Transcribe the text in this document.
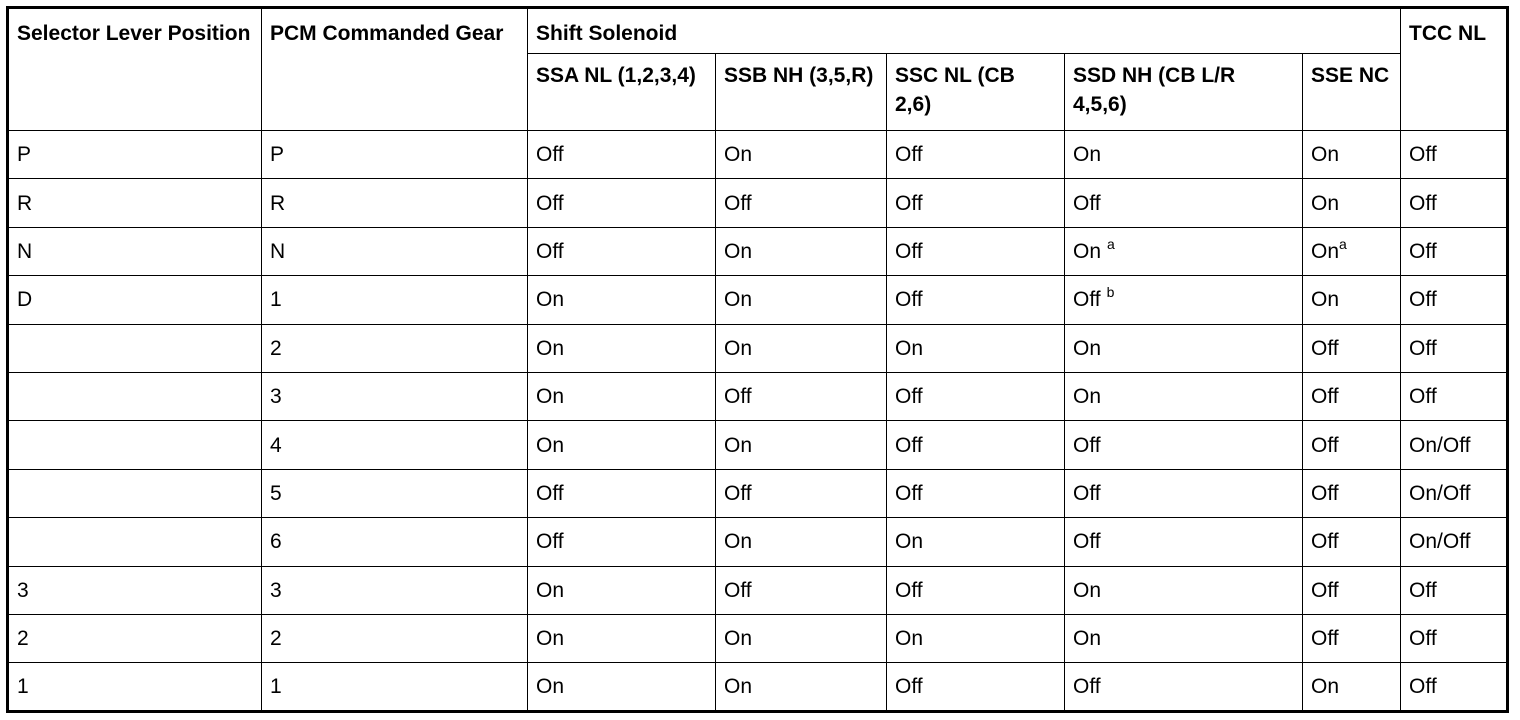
Selector Lever Position	PCM Commanded Gear	Shift Solenoid					TCC NL
		SSA NL (1,2,3,4)	SSB NH (3,5,R)	SSC NL (CB 2,6)	SSD NH (CB L/R 4,5,6)	SSE NC	
P	P	Off	On	Off	On	On	Off
R	R	Off	Off	Off	Off	On	Off
N	N	Off	On	Off	On $^a$	On$^a$	Off
D	1	On	On	Off	Off $^b$	On	Off
	2	On	On	On	On	Off	Off
	3	On	Off	Off	On	Off	Off
	4	On	On	Off	Off	Off	On/Off
	5	Off	Off	Off	Off	Off	On/Off
	6	Off	On	On	Off	Off	On/Off
3	3	On	Off	Off	On	Off	Off
2	2	On	On	On	On	Off	Off
1	1	On	On	Off	Off	On	Off
